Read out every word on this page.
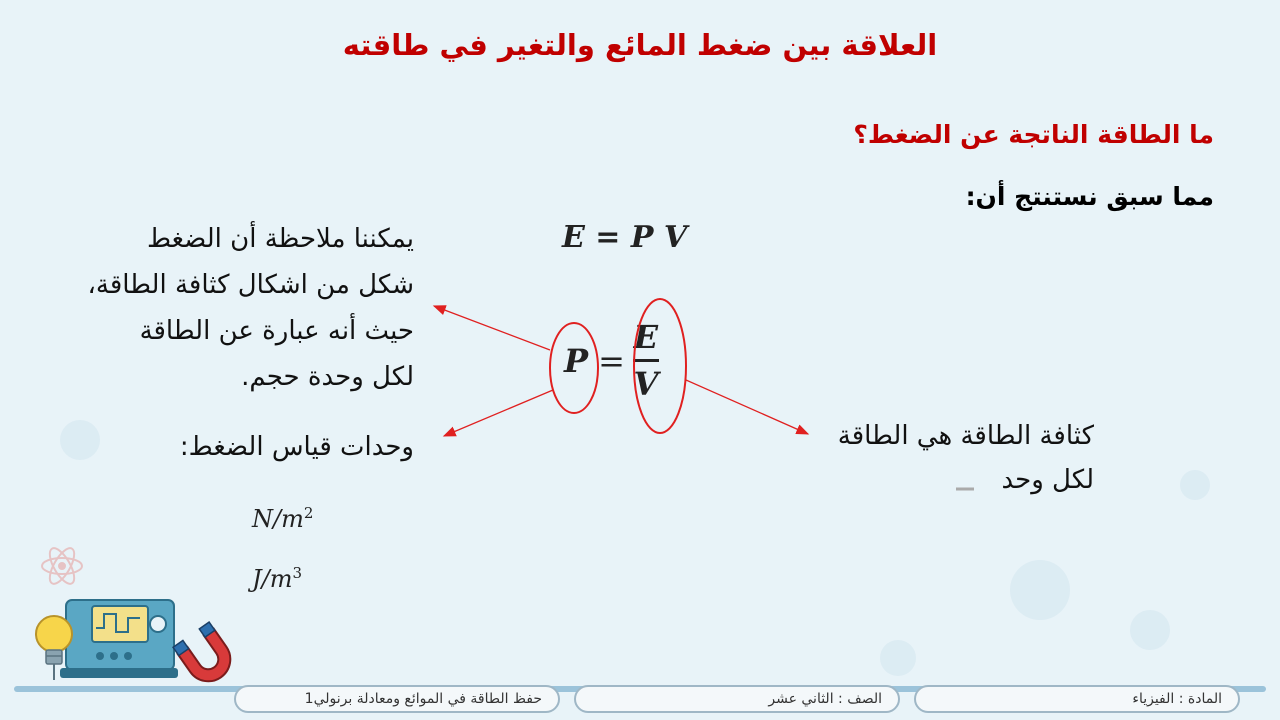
العلاقة بين ضغط المائع والتغير في طاقته
ما الطاقة الناتجة عن الضغط؟
مما سبق نستنتج أن:
E = P V
$P = \frac{E}{V}$
يمكننا ملاحظة أن الضغط
شكل من اشكال كثافة الطاقة،
حيث أنه عبارة عن الطاقة
لكل وحدة حجم.
وحدات قياس الضغط:
$N/m^2$
$J/m^3$
كثافة الطاقة هي الطاقة
لكل وحد
حفظ الطاقة في الموائع ومعادلة برنولي1	الصف : الثاني عشر	المادة : الفيزياء
